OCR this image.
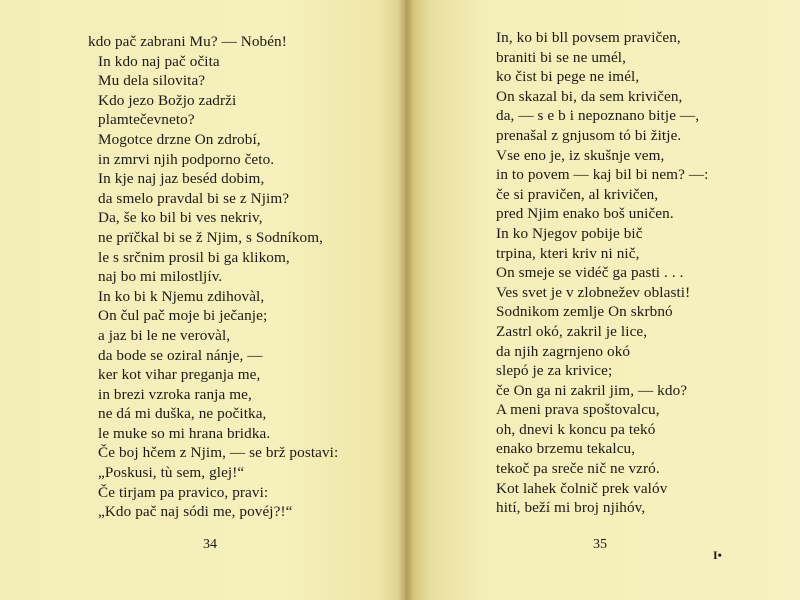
kdo pač zabrani Mu? — Nobén!
In kdo naj pač očita
Mu dela silovita?
Kdo jezo Božjo zadrži
plamtečevneto?
Mogotce drzne On zdrobí,
in zmrvi njih podporno četo.
In kje naj jaz beséd dobim,
da smelo pravdal bi se z Njim?
Da, še ko bil bi ves nekriv,
ne prïčkal bi se ž Njim, s Sodníkom,
le s srčnim prosil bi ga klikom,
naj bo mi milostljív.
In ko bi k Njemu zdihovàl,
On čul pač moje bi ječanje;
a jaz bi le ne verovàl,
da bode se oziral nánje, —
ker kot vihar preganja me,
in brezi vzroka ranja me,
ne dá mi duška, ne počitka,
le muke so mi hrana bridka.
Če boj hčem z Njim, — se brž postavi:
„Poskusi, tù sem, glej!“
Če tirjam pa pravico, pravi:
„Kdo pač naj sódi me, povéj?!“
34
In, ko bi bll povsem pravičen,
braniti bi se ne umél,
ko čist bi pege ne imél,
On skazal bi, da sem krivičen,
da, — s e b i nepoznano bitje —,
prenašal z gnjusom tó bi žitje.
Vse eno je, iz skušnje vem,
in to povem — kaj bil bi nem? —:
če si pravičen, al krivičen,
pred Njim enako boš uničen.
In ko Njegov pobije bič
trpina, kteri kriv ni nič,
On smeje se vidéč ga pasti . . .
Ves svet je v zlobnežev oblasti!
Sodnikom zemlje On skrbnó
Zastrl okó, zakril je lice,
da njih zagrnjeno okó
slepó je za krivice;
če On ga ni zakril jim, — kdo?
A meni prava spoštovalcu,
oh, dnevi k koncu pa tekó
enako brzemu tekalcu,
tekoč pa sreče nič ne vzró.
Kot lahek čolnič prek valóv
hití, beží mi broj njihóv,
35
I•
